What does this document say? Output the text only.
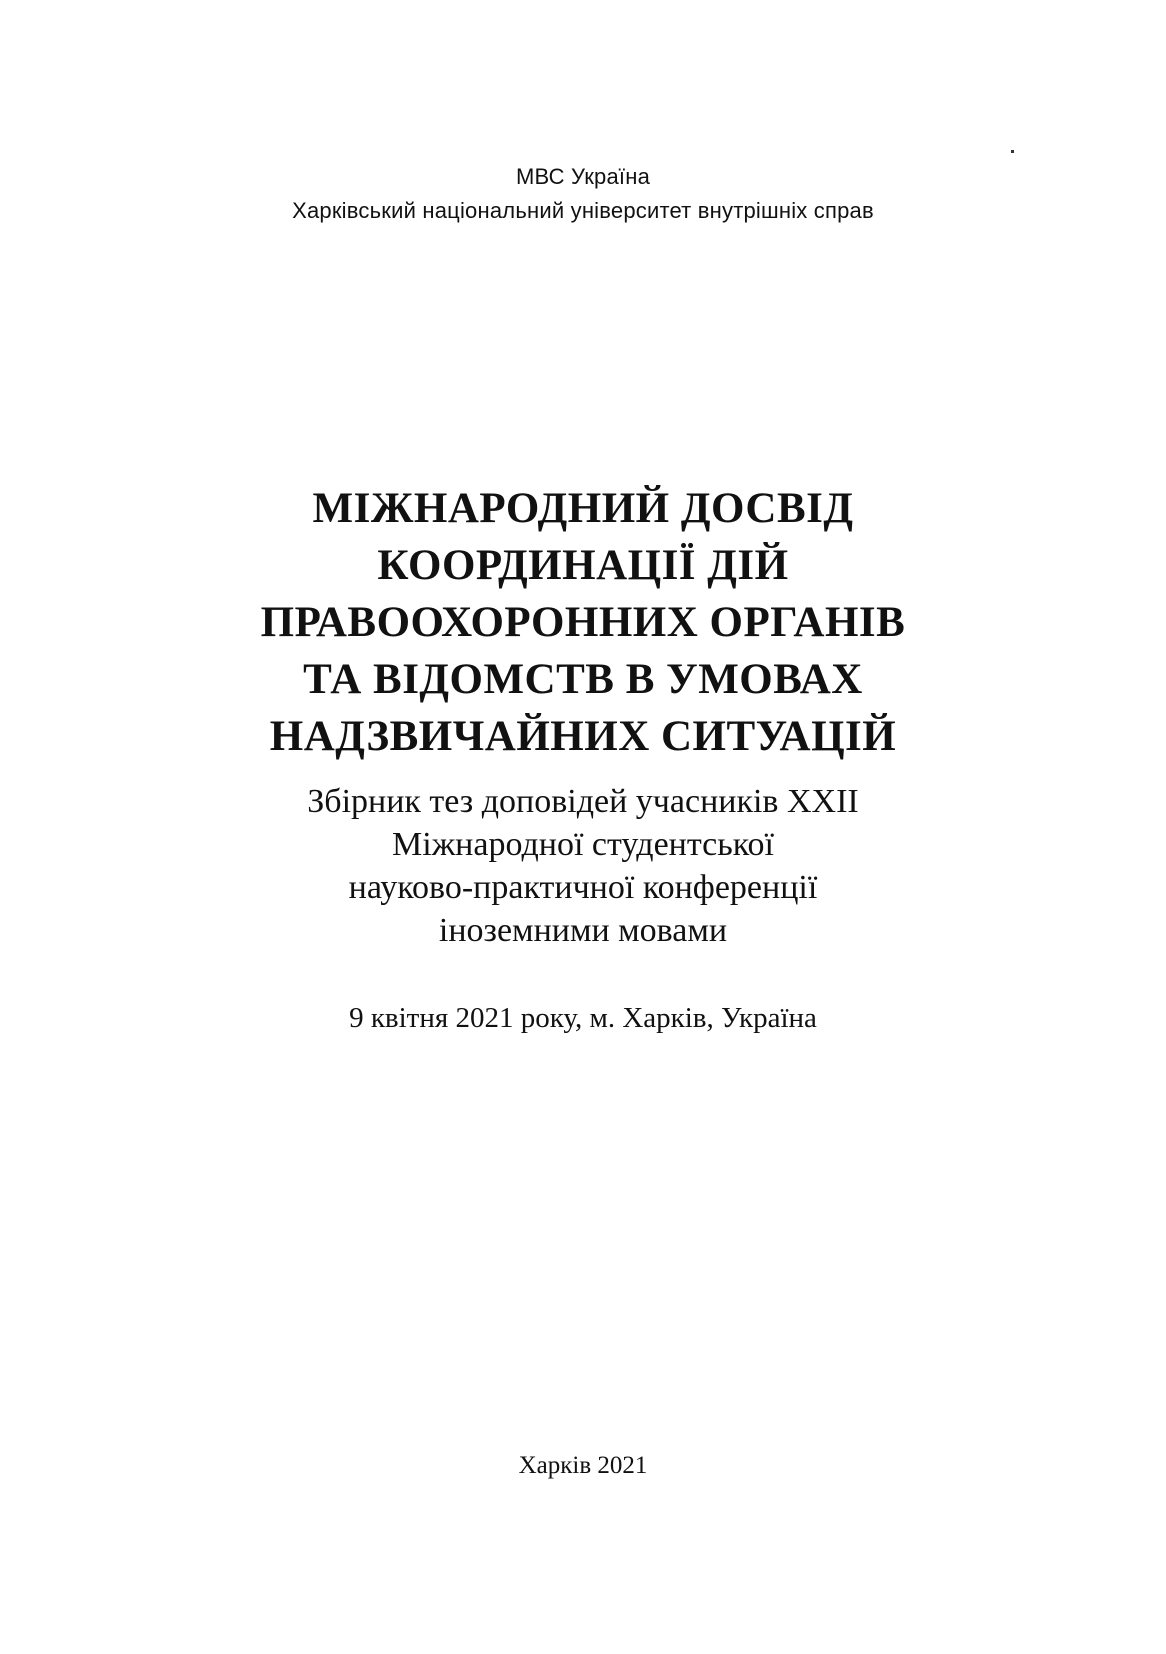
МВС Україна
Харківський національний університет внутрішніх справ
МІЖНАРОДНИЙ ДОСВІД
КООРДИНАЦІЇ ДІЙ
ПРАВООХОРОННИХ ОРГАНІВ
ТА ВІДОМСТВ В УМОВАХ
НАДЗВИЧАЙНИХ СИТУАЦІЙ
Збірник тез доповідей учасників ХХІІ
Міжнародної студентської
науково-практичної конференції
іноземними мовами
9 квітня 2021 року, м. Харків, Україна
Харків 2021
